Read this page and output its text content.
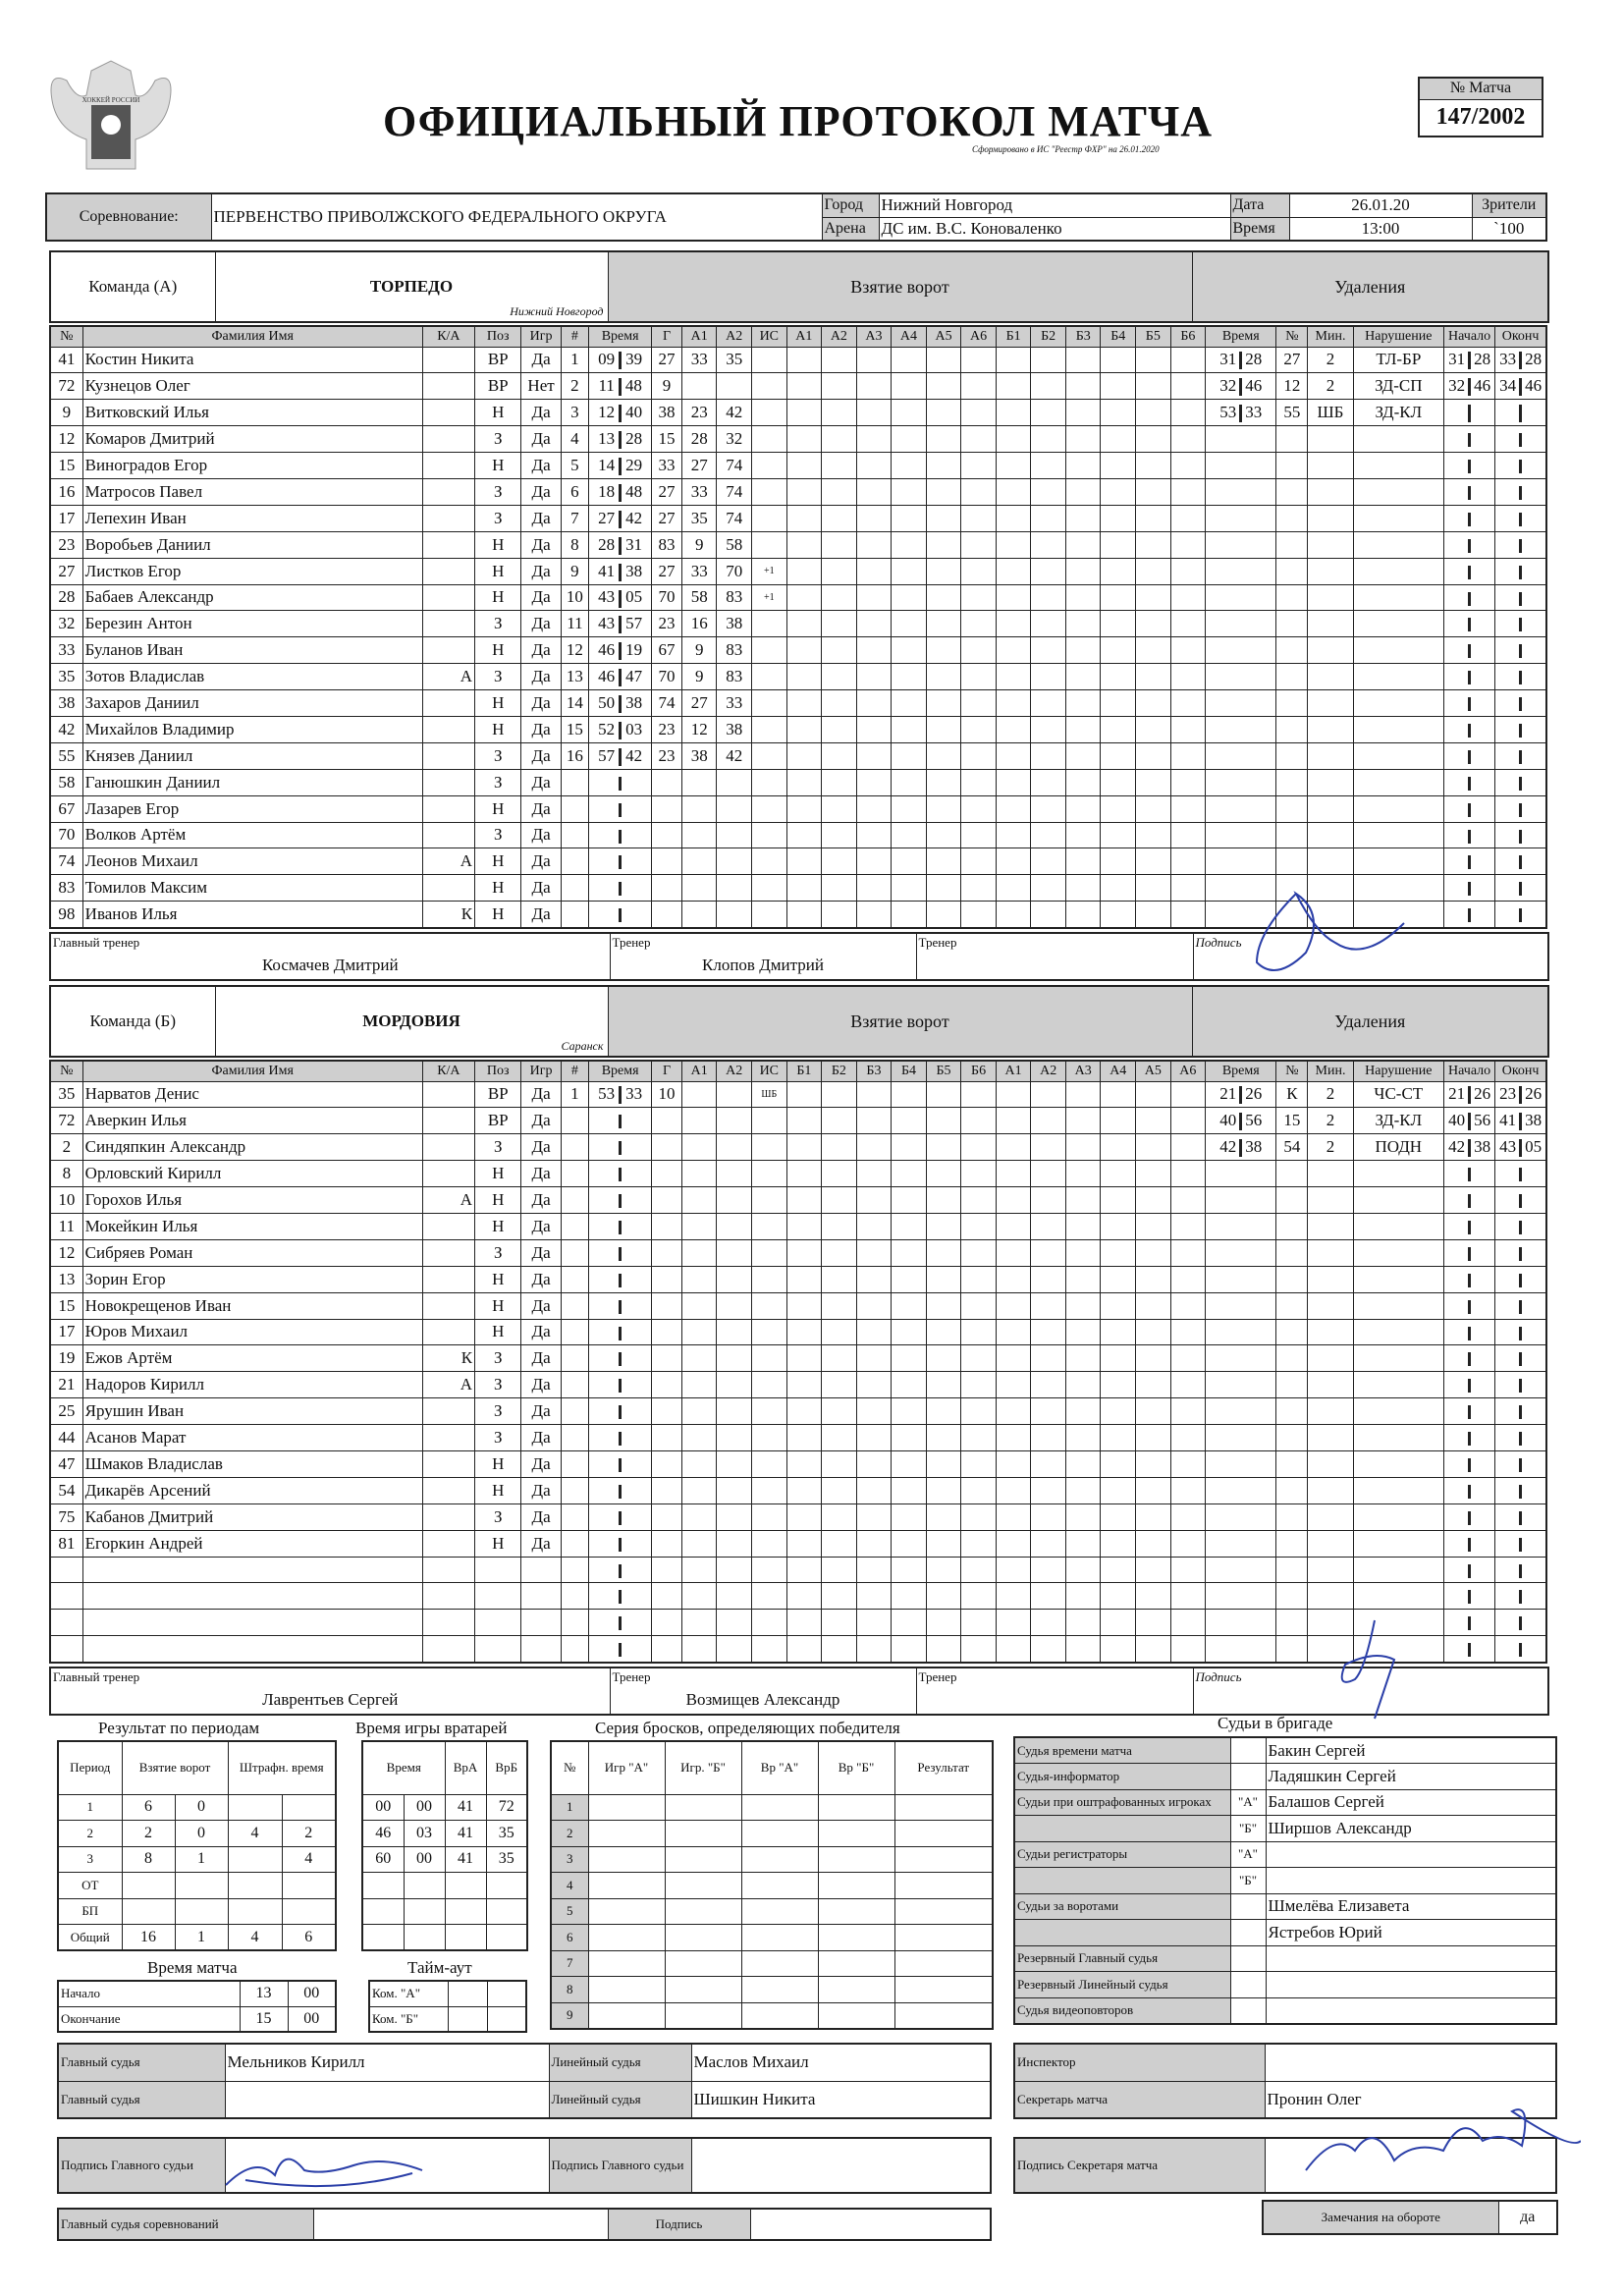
ХОККЕЙ РОССИИ	ОФИЦИАЛЬНЫЙ ПРОТОКОЛ МАТЧА
Сформировано в ИС "Реестр ФХР" на 26.01.2020
№ Матча
147/2002
Соревнование:	ПЕРВЕНСТВО ПРИВОЛЖСКОГО ФЕДЕРАЛЬНОГО ОКРУГА	Город	Нижний Новгород	Дата	26.01.20	Зрители
		Арена	ДС им. В.С. Коноваленко	Время	13:00	`100
Команда (А)	ТОРПЕДО
Нижний Новгород
	Взятие ворот	Удаления
№	Фамилия Имя	К/А	Поз	Игр	#	Время	Г	А1	А2	ИС	А1	А2	А3	А4	А5	А6	Б1	Б2	Б3	Б4	Б5	Б6	Время	№	Мин.	Нарушение	Начало	Оконч
41	Костин Никита		ВР	Да	1	09 39	27	33	35														31 28	27	2	ТЛ-БР	31 28	33 28
72	Кузнецов Олег		ВР	Нет	2	11 48	9																32 46	12	2	ЗД-СП	32 46	34 46
9	Витковский Илья		Н	Да	3	12 40	38	23	42														53 33	55	ШБ	ЗД-КЛ		
12	Комаров Дмитрий		З	Да	4	13 28	15	28	32																			
15	Виноградов Егор		Н	Да	5	14 29	33	27	74																			
16	Матросов Павел		З	Да	6	18 48	27	33	74																			
17	Лепехин Иван		З	Да	7	27 42	27	35	74																			
23	Воробьев Даниил		Н	Да	8	28 31	83	9	58																			
27	Листков Егор		Н	Да	9	41 38	27	33	70	+1																		
28	Бабаев Александр		Н	Да	10	43 05	70	58	83	+1																		
32	Березин Антон		З	Да	11	43 57	23	16	38																			
33	Буланов Иван		Н	Да	12	46 19	67	9	83																			
35	Зотов Владислав	А	З	Да	13	46 47	70	9	83																			
38	Захаров Даниил		Н	Да	14	50 38	74	27	33																			
42	Михайлов Владимир		Н	Да	15	52 03	23	12	38																			
55	Князев Даниил		З	Да	16	57 42	23	38	42																			
58	Ганюшкин Даниил		З	Да																								
67	Лазарев Егор		Н	Да																								
70	Волков Артём		З	Да																								
74	Леонов Михаил	А	Н	Да																								
83	Томилов Максим		Н	Да																								
98	Иванов Илья	К	Н	Да																								
Главный тренер
Космачев Дмитрий
	Тренер
Клопов Дмитрий
	Тренер	Подпись
Команда (Б)	МОРДОВИЯ
Саранск
	Взятие ворот	Удаления
№	Фамилия Имя	К/А	Поз	Игр	#	Время	Г	А1	А2	ИС	Б1	Б2	Б3	Б4	Б5	Б6	А1	А2	А3	А4	А5	А6	Время	№	Мин.	Нарушение	Начало	Оконч
35	Нарватов Денис		ВР	Да	1	53 33	10			ШБ													21 26	К	2	ЧС-СТ	21 26	23 26
72	Аверкин Илья		ВР	Да																			40 56	15	2	ЗД-КЛ	40 56	41 38
2	Синдяпкин Александр		З	Да																			42 38	54	2	ПОДН	42 38	43 05
8	Орловский Кирилл		Н	Да																								
10	Горохов Илья	А	Н	Да																								
11	Мокейкин Илья		Н	Да																								
12	Сибряев Роман		З	Да																								
13	Зорин Егор		Н	Да																								
15	Новокрещенов Иван		Н	Да																								
17	Юров Михаил		Н	Да																								
19	Ежов Артём	К	З	Да																								
21	Надоров Кирилл	А	З	Да																								
25	Ярушин Иван		З	Да																								
44	Асанов Марат		З	Да																								
47	Шмаков Владислав		Н	Да																								
54	Дикарёв Арсений		Н	Да																								
75	Кабанов Дмитрий		З	Да																								
81	Егоркин Андрей		Н	Да																								

Главный тренер
Лаврентьев Сергей
	Тренер
Возмищев Александр
	Тренер	Подпись
Результат по периодам
Период	Взятие ворот		Штрафн. время	
1	6	0		
2	2	0	4	2
3	8	1		4
ОТ				
БП				
Общий	16	1	4	6
Время игры вратарей
Время		ВрА	ВрБ
00	00	41	72
46	03	41	35
60	00	41	35

Серия бросков, определяющих победителя
№	Игр "А"	Игр. "Б"	Вр "А"	Вр "Б"	Результат
1					
2					
3					
4					
5					
6					
7					
8					
9					
Время матча
Начало	13	00
Окончание	15	00
Тайм-аут
Ком. "А"		
Ком. "Б"		
Судьи в бригаде
Судья времени матча		Бакин Сергей
Судья-информатор		Ладяшкин Сергей
Судьи при оштрафованных игроках	"А"	Балашов Сергей
	"Б"	Ширшов Александр
Судьи регистраторы	"А"	
	"Б"	
Судьи за воротами		Шмелёва Елизавета
		Ястребов Юрий
Резервный Главный судья		
Резервный Линейный судья		
Судья видеоповторов		
Главный судья	Мельников Кирилл	Линейный судья	Маслов Михаил
Главный судья		Линейный судья	Шишкин Никита
Подпись Главного судьи		Подпись Главного судьи	
Главный судья соревнований		Подпись	
Инспектор	
Секретарь матча	Пронин Олег
Подпись Секретаря матча	
Замечания на обороте	да
